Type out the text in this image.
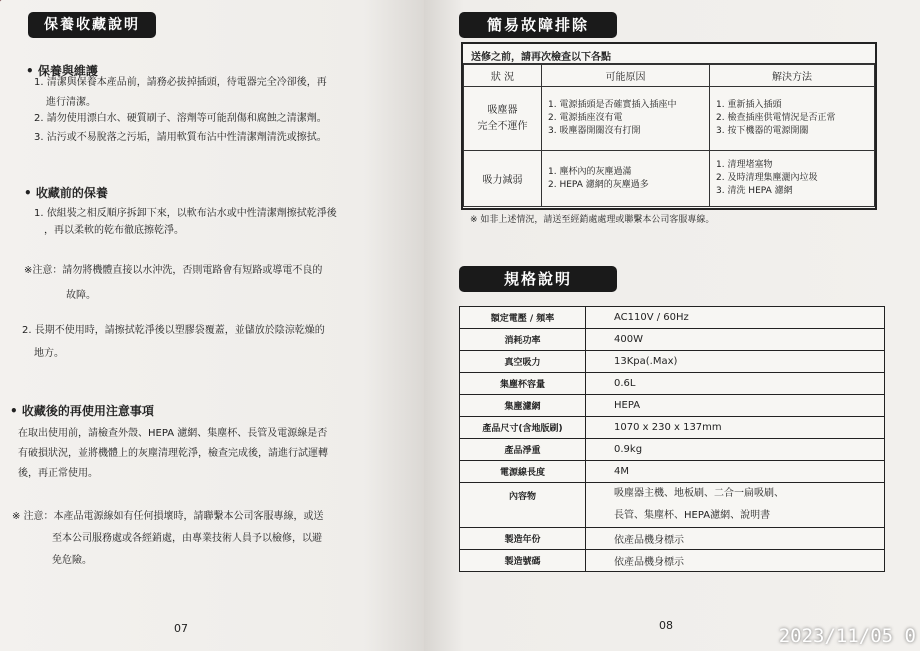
保養收藏說明
• 保養與維護
1. 清潔與保養本產品前，請務必拔掉插頭，待電器完全冷卻後，再
進行清潔。
2. 請勿使用漂白水、硬質刷子、溶劑等可能刮傷和腐蝕之清潔劑。
3. 沾污或不易脫落之污垢，請用軟質布沾中性清潔劑清洗或擦拭。
• 收藏前的保養
1. 依組裝之相反順序拆卸下來，以軟布沾水或中性清潔劑擦拭乾淨後
，再以柔軟的乾布徹底擦乾淨。
※注意：請勿將機體直接以水沖洗，否則電路會有短路或導電不良的
故障。
2. 長期不使用時，請擦拭乾淨後以塑膠袋覆蓋，並儲放於陰涼乾燥的
地方。
• 收藏後的再使用注意事項
在取出使用前，請檢查外殼、HEPA 濾網、集塵杯、長管及電源線是否
有破損狀況，並將機體上的灰塵清理乾淨，檢查完成後，請進行試運轉
後，再正常使用。
※ 注意：本產品電源線如有任何損壞時，請聯繫本公司客服專線，或送
至本公司服務處或各經銷處，由專業技術人員予以檢修，以避
免危險。
07
簡易故障排除
送修之前，請再次檢查以下各點
狀 況	可能原因	解決方法

吸塵器
完全不運作	1. 電源插頭是否確實插入插座中
2. 電源插座沒有電
3. 吸塵器開關沒有打開	1. 重新插入插頭
2. 檢查插座供電情況是否正常
3. 按下機器的電源開關

吸力減弱	1. 塵杯內的灰塵過滿
2. HEPA 濾網的灰塵過多	1. 清理堵塞物
2. 及時清理集塵灑內垃圾
3. 清洗 HEPA 濾網
※ 如非上述情況，請送至經銷處處理或聯繫本公司客服專線。
規格說明
額定電壓 / 頻率	AC110V / 60Hz
消耗功率	400W
真空吸力	13Kpa(.Max)
集塵杯容量	0.6L
集塵濾網	HEPA
產品尺寸(含地版刷)	1070 x 230 x 137mm
產品淨重	0.9kg
電源線長度	4M
內容物	吸塵器主機、地板刷、二合一扁吸刷、
長管、集塵杯、HEPA濾網、說明書

製造年份	依產品機身標示
製造號碼	依產品機身標示
08	2023/11/05 0
